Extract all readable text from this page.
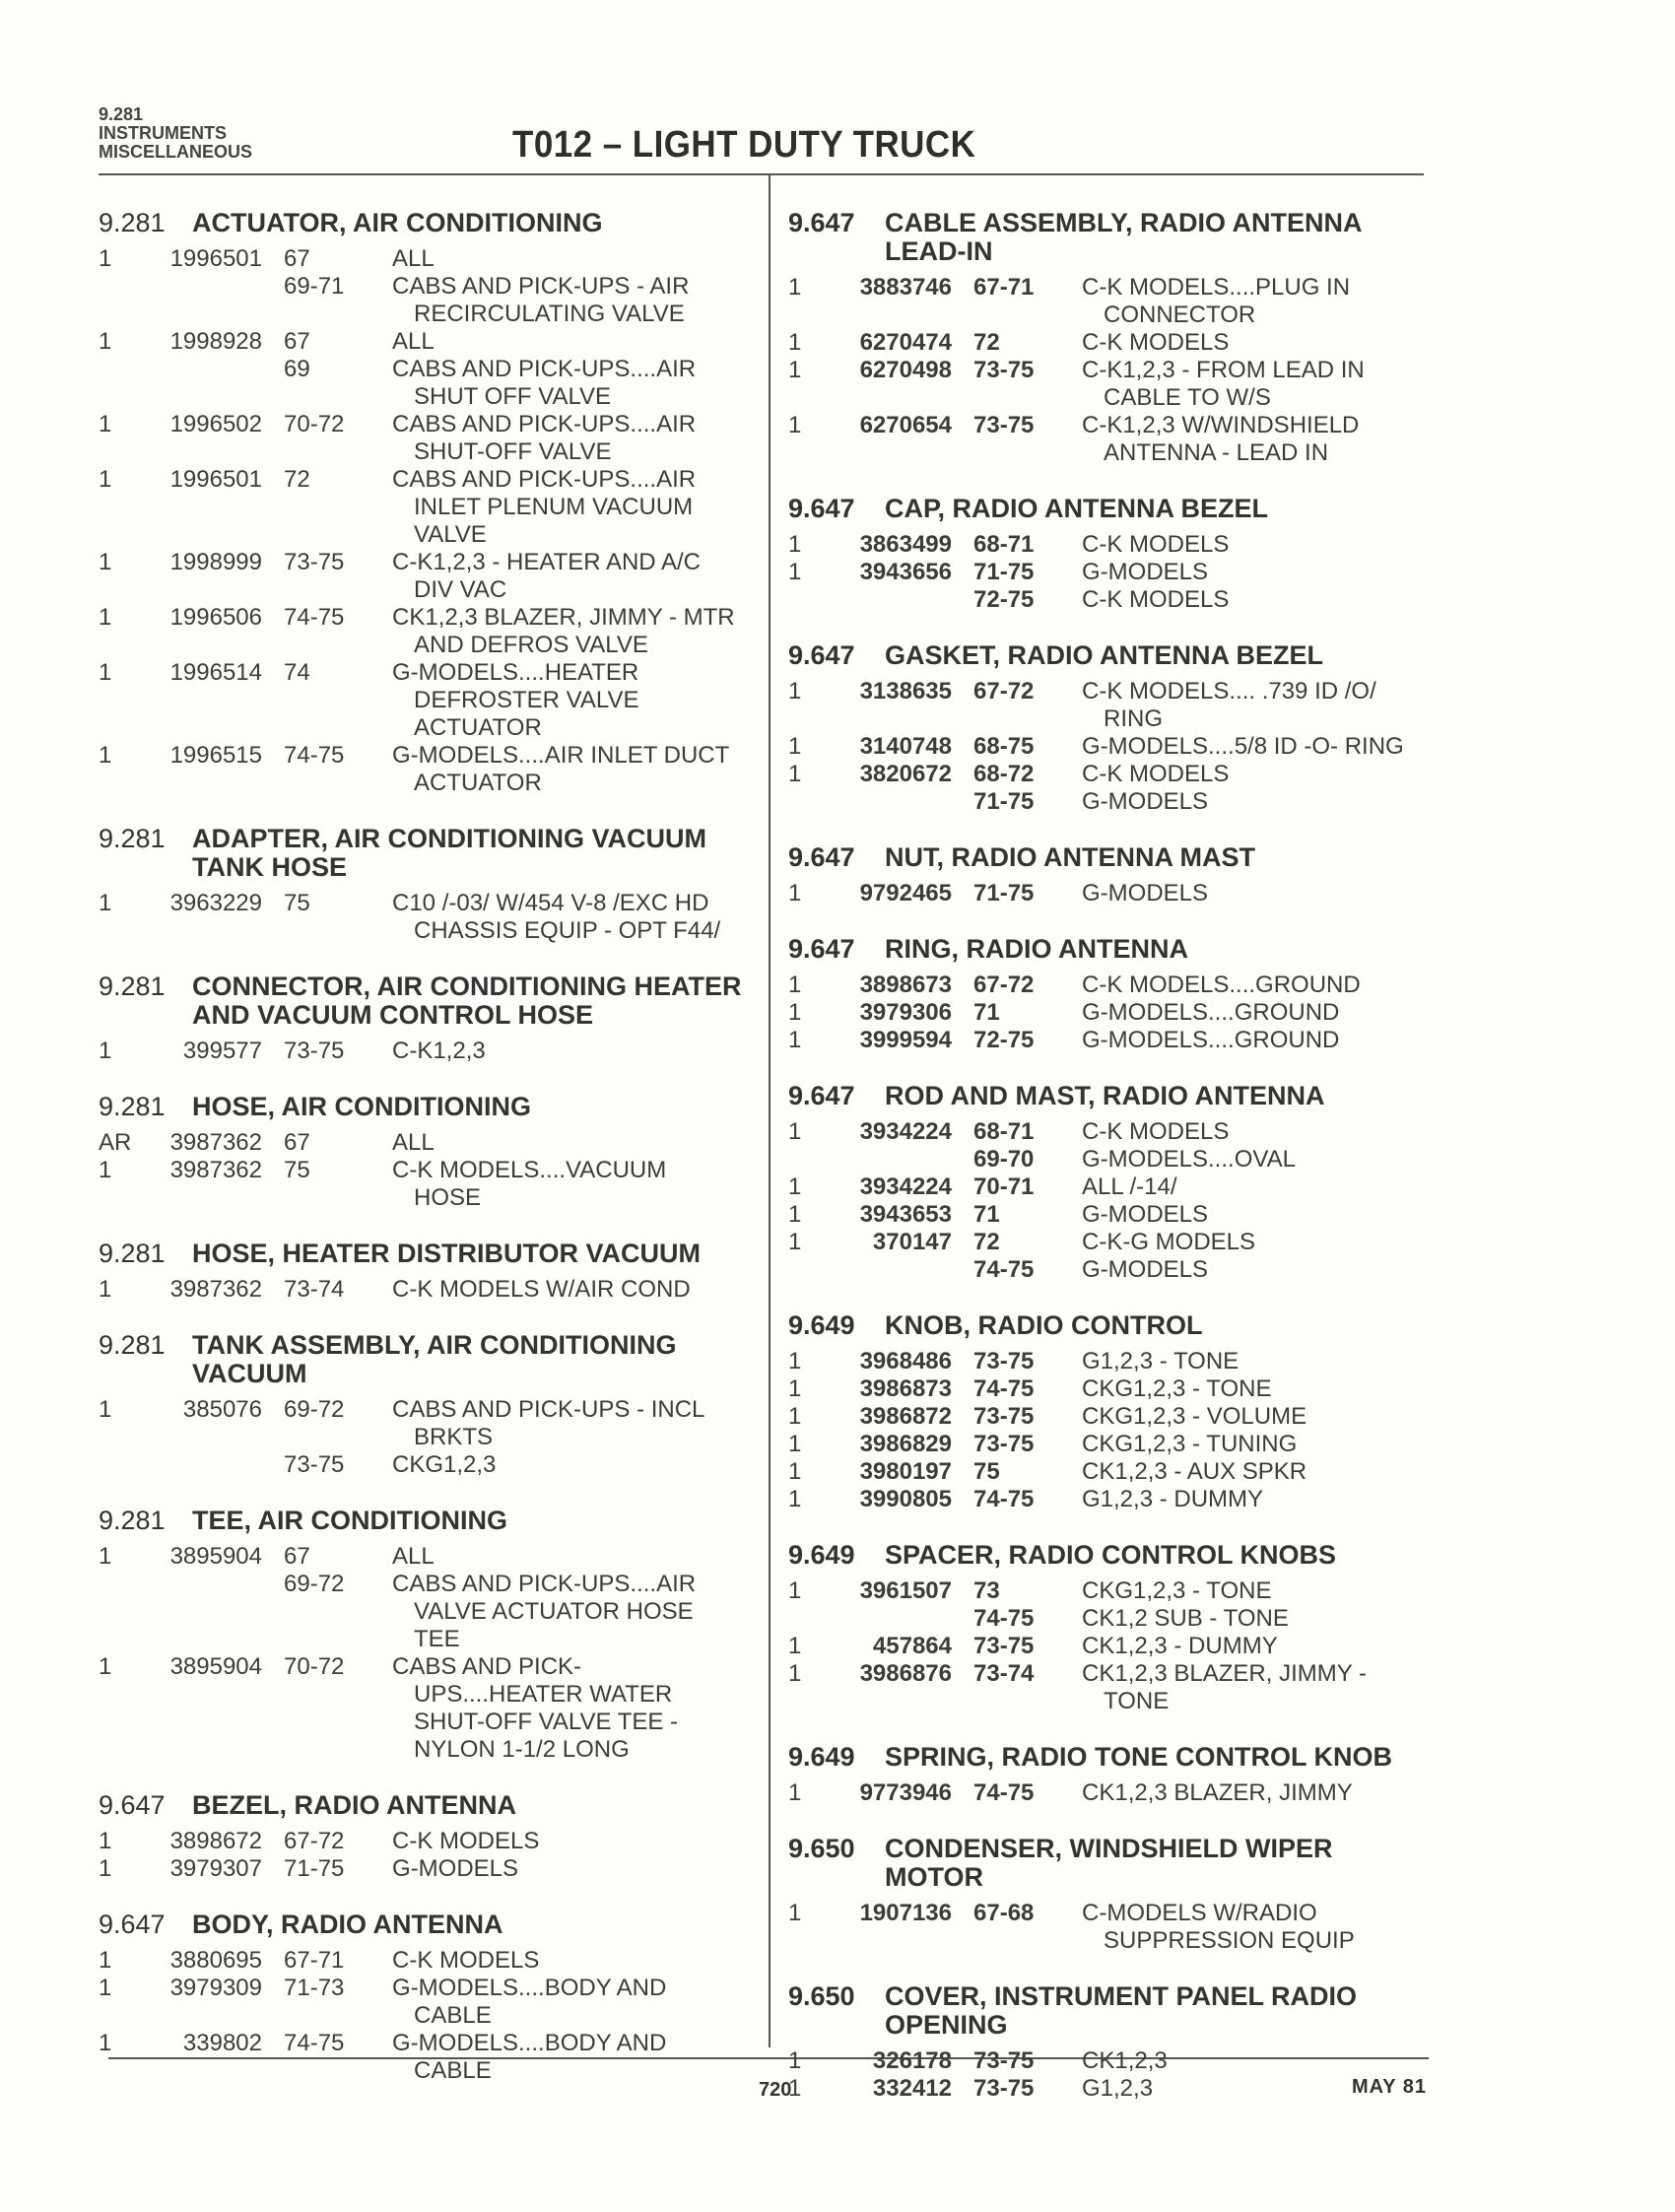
9.281
INSTRUMENTS
MISCELLANEOUS	T012 – LIGHT DUTY TRUCK
9.281	ACTUATOR, AIR CONDITIONING
1	1996501 67	ALL
69-71	CABS AND PICK-UPS - AIR
RECIRCULATING VALVE
1	1998928 67	ALL
69	CABS AND PICK-UPS....AIR
SHUT OFF VALVE
1	1996502 70-72	CABS AND PICK-UPS....AIR
SHUT-OFF VALVE
1	1996501 72	CABS AND PICK-UPS....AIR
INLET PLENUM VACUUM
VALVE
1	1998999 73-75	C-K1,2,3 - HEATER AND A/C
DIV VAC
1	1996506 74-75	CK1,2,3 BLAZER, JIMMY - MTR
AND DEFROS VALVE
1	1996514 74	G-MODELS....HEATER
DEFROSTER VALVE
ACTUATOR
1	1996515 74-75	G-MODELS....AIR INLET DUCT
ACTUATOR
9.281	ADAPTER, AIR CONDITIONING VACUUM TANK HOSE
1	3963229 75	C10 /-03/ W/454 V-8 /EXC HD
CHASSIS EQUIP - OPT F44/
9.281	CONNECTOR, AIR CONDITIONING HEATER AND VACUUM CONTROL HOSE
1	399577 73-75	C-K1,2,3
9.281	HOSE, AIR CONDITIONING
AR	3987362 67	ALL
1	3987362 75	C-K MODELS....VACUUM
HOSE
9.281	HOSE, HEATER DISTRIBUTOR VACUUM
1	3987362 73-74	C-K MODELS W/AIR COND
9.281	TANK ASSEMBLY, AIR CONDITIONING VACUUM
1	385076 69-72	CABS AND PICK-UPS - INCL
BRKTS
73-75	CKG1,2,3
9.281	TEE, AIR CONDITIONING
1	3895904 67	ALL
69-72	CABS AND PICK-UPS....AIR
VALVE ACTUATOR HOSE
TEE
1	3895904 70-72	CABS AND PICK-
UPS....HEATER WATER
SHUT-OFF VALVE TEE -
NYLON 1-1/2 LONG
9.647	BEZEL, RADIO ANTENNA
1	3898672 67-72	C-K MODELS
1	3979307 71-75	G-MODELS
9.647	BODY, RADIO ANTENNA
1	3880695 67-71	C-K MODELS
1	3979309 71-73	G-MODELS....BODY AND
CABLE
1	339802 74-75	G-MODELS....BODY AND
CABLE
9.647	CABLE ASSEMBLY, RADIO ANTENNA LEAD-IN
1	3883746 67-71	C-K MODELS....PLUG IN
CONNECTOR
1	6270474 72	C-K MODELS
1	6270498 73-75	C-K1,2,3 - FROM LEAD IN
CABLE TO W/S
1	6270654 73-75	C-K1,2,3 W/WINDSHIELD
ANTENNA - LEAD IN
9.647	CAP, RADIO ANTENNA BEZEL
1	3863499 68-71	C-K MODELS
1	3943656 71-75	G-MODELS
72-75	C-K MODELS
9.647	GASKET, RADIO ANTENNA BEZEL
1	3138635 67-72	C-K MODELS.... .739 ID /O/
RING
1	3140748 68-75	G-MODELS....5/8 ID -O- RING
1	3820672 68-72	C-K MODELS
71-75	G-MODELS
9.647	NUT, RADIO ANTENNA MAST
1	9792465 71-75	G-MODELS
9.647	RING, RADIO ANTENNA
1	3898673 67-72	C-K MODELS....GROUND
1	3979306 71	G-MODELS....GROUND
1	3999594 72-75	G-MODELS....GROUND
9.647	ROD AND MAST, RADIO ANTENNA
1	3934224 68-71	C-K MODELS
69-70	G-MODELS....OVAL
1	3934224 70-71	ALL /-14/
1	3943653 71	G-MODELS
1	370147 72	C-K-G MODELS
74-75	G-MODELS
9.649	KNOB, RADIO CONTROL
1	3968486 73-75	G1,2,3 - TONE
1	3986873 74-75	CKG1,2,3 - TONE
1	3986872 73-75	CKG1,2,3 - VOLUME
1	3986829 73-75	CKG1,2,3 - TUNING
1	3980197 75	CK1,2,3 - AUX SPKR
1	3990805 74-75	G1,2,3 - DUMMY
9.649	SPACER, RADIO CONTROL KNOBS
1	3961507 73	CKG1,2,3 - TONE
74-75	CK1,2 SUB - TONE
1	457864 73-75	CK1,2,3 - DUMMY
1	3986876 73-74	CK1,2,3 BLAZER, JIMMY -
TONE
9.649	SPRING, RADIO TONE CONTROL KNOB
1	9773946 74-75	CK1,2,3 BLAZER, JIMMY
9.650	CONDENSER, WINDSHIELD WIPER MOTOR
1	1907136 67-68	C-MODELS W/RADIO
SUPPRESSION EQUIP
9.650	COVER, INSTRUMENT PANEL RADIO OPENING
1	326178 73-75	CK1,2,3
1	332412 73-75	G1,2,3
720	MAY 81
